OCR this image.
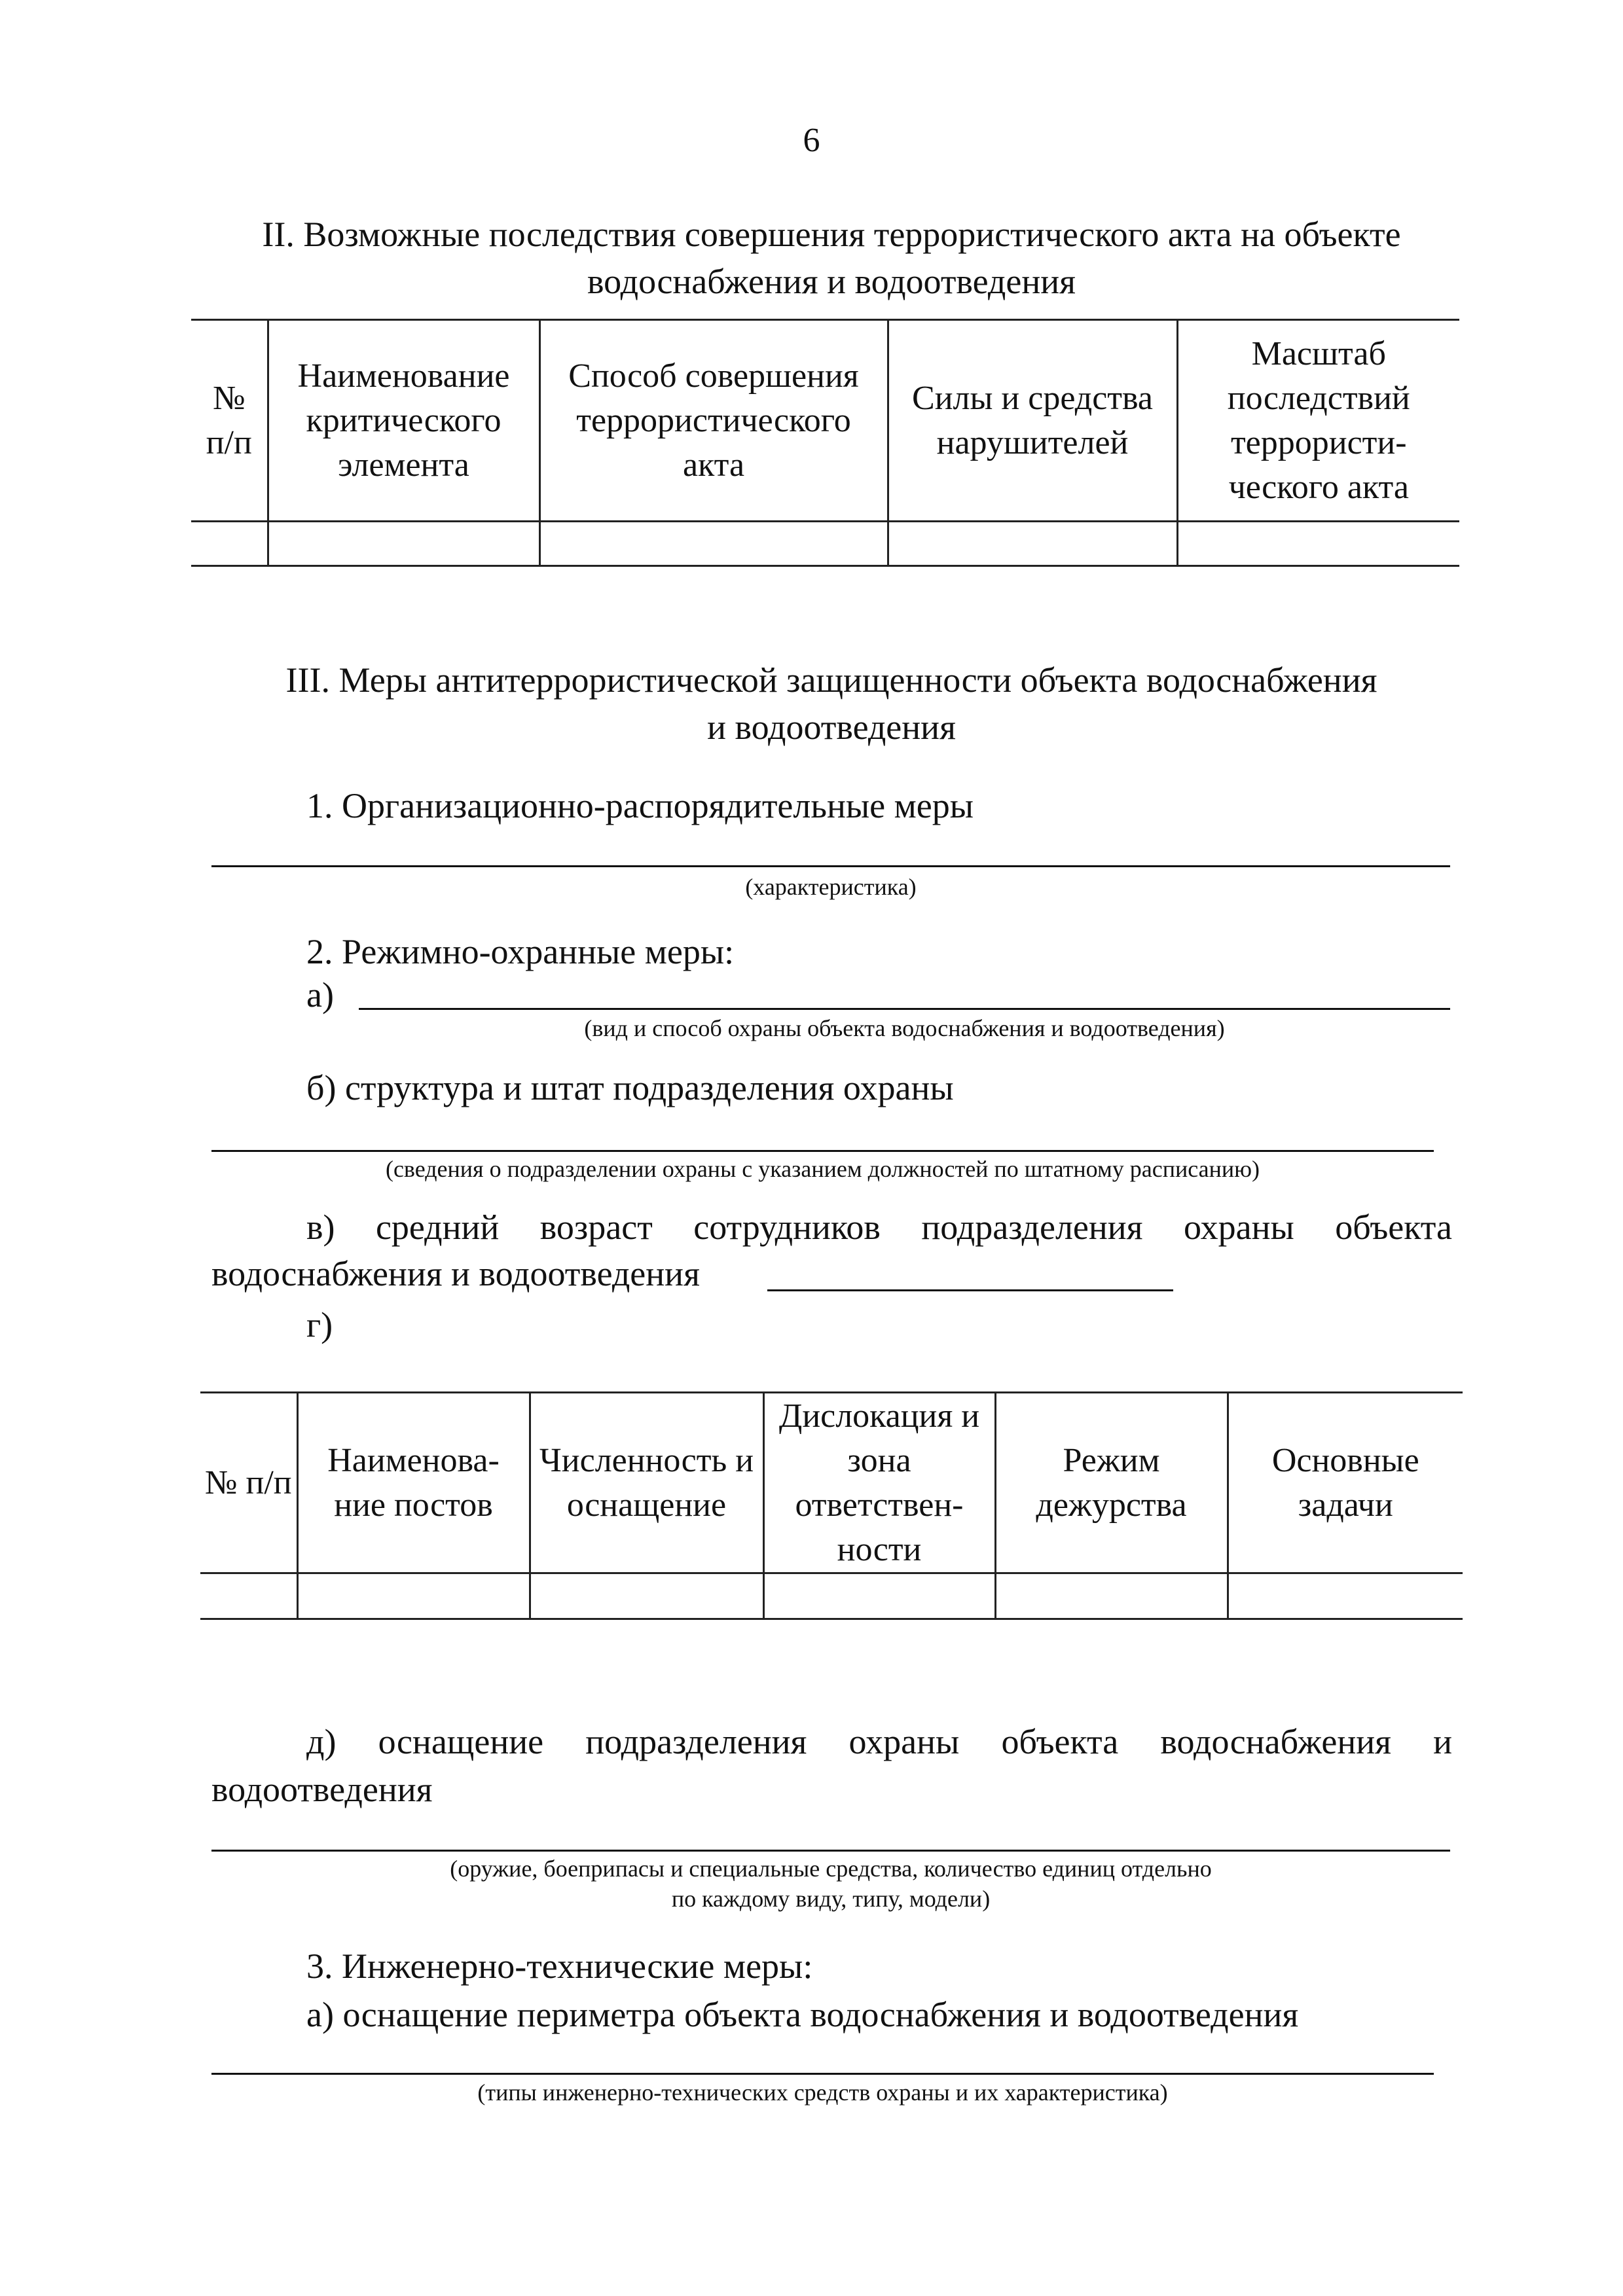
6
II. Возможные последствия совершения террористического акта на объекте
водоснабжения и водоотведения
№ п/п	Наименование критического элемента	Способ совершения террористического акта	Силы и средства нарушителей	Масштаб последствий террористи-ческого акта

III. Меры антитеррористической защищенности объекта водоснабжения
и водоотведения
1. Организационно-распорядительные меры
(характеристика)
2. Режимно-охранные меры:
а)
(вид и способ охраны объекта водоснабжения и водоотведения)
б) структура и штат подразделения охраны
(сведения о подразделении охраны с указанием должностей по штатному расписанию)
в) средний возраст сотрудников подразделения охраны объекта
водоснабжения и водоотведения
г)
№ п/п	Наименова-ние постов	Численность и оснащение	Дислокация и зона ответствен-ности	Режим дежурства	Основные задачи

д) оснащение подразделения охраны объекта водоснабжения и
водоотведения
(оружие, боеприпасы и специальные средства, количество единиц отдельно
по каждому виду, типу, модели)
3. Инженерно-технические меры:
а) оснащение периметра объекта водоснабжения и водоотведения
(типы инженерно-технических средств охраны и их характеристика)
